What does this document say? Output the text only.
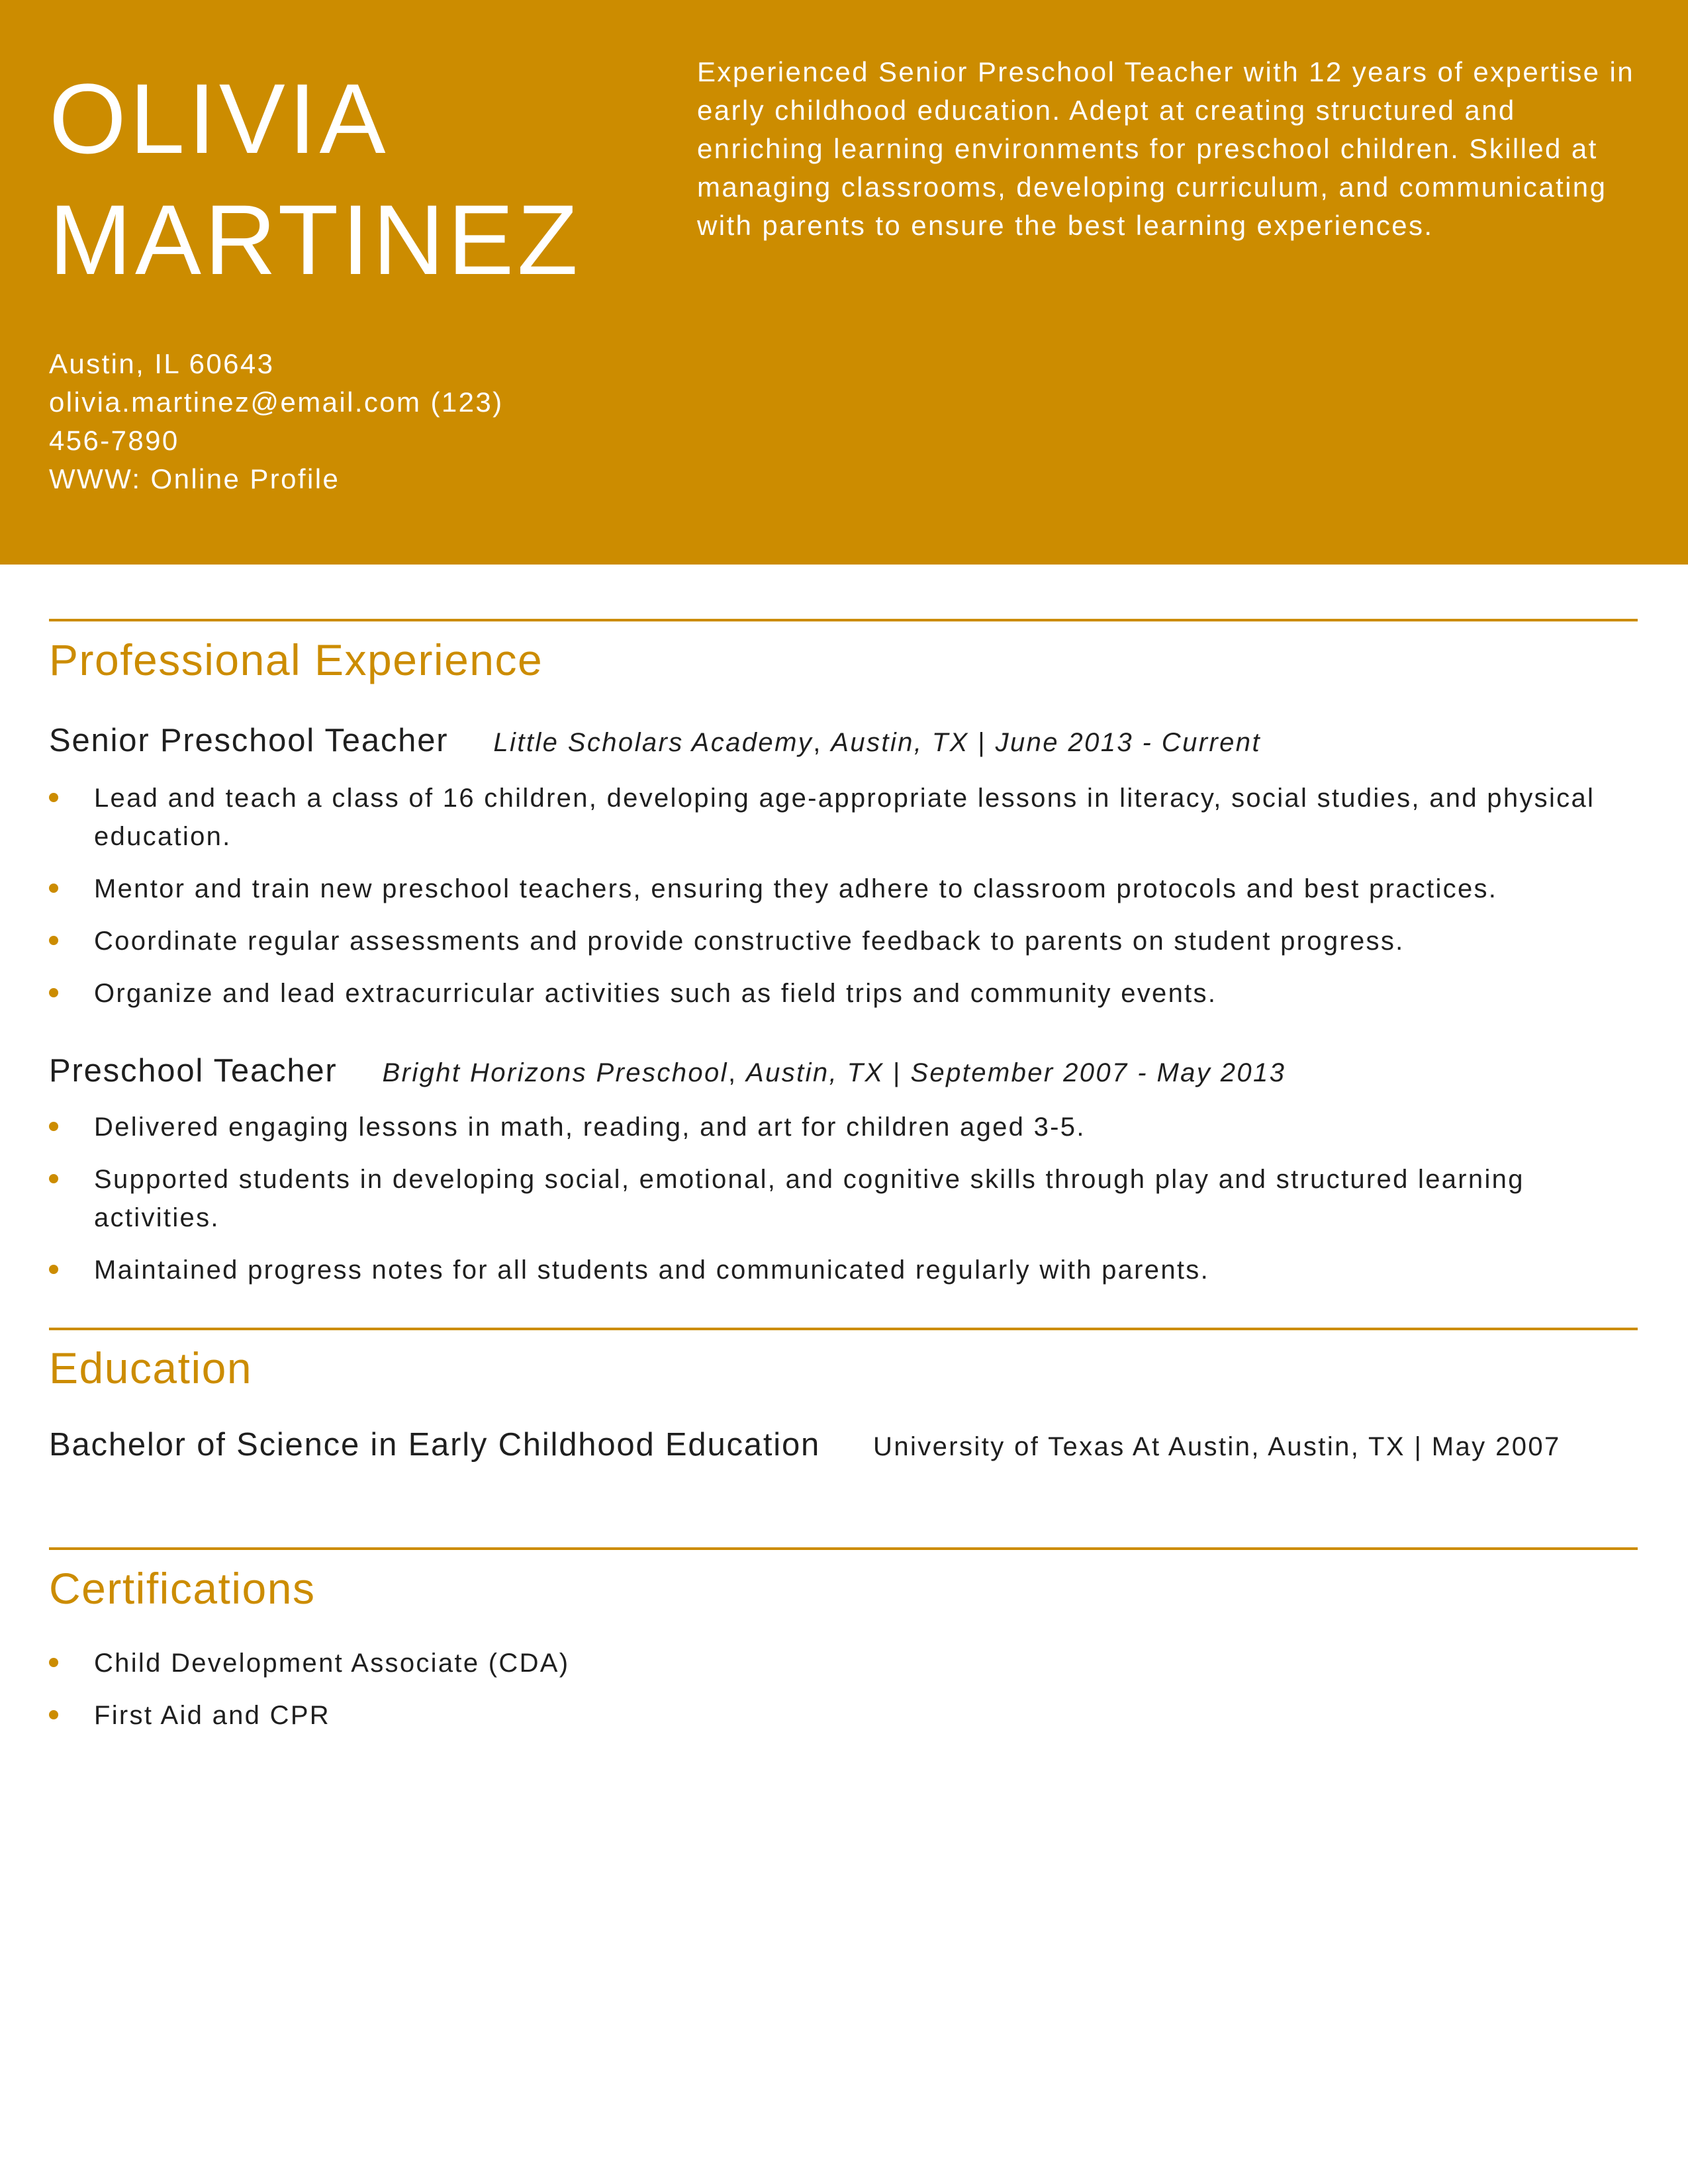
OLIVIA
MARTINEZ

Experienced Senior Preschool Teacher with 12 years of expertise in early childhood education. Adept at creating structured and enriching learning environments for preschool children. Skilled at managing classrooms, developing curriculum, and communicating with parents to ensure the best learning experiences.

Austin, IL 60643
olivia.martinez@email.com (123) 456-7890
WWW: Online Profile
Professional Experience
Senior Preschool Teacher Little Scholars Academy, Austin, TX | June 2013 - Current
Lead and teach a class of 16 children, developing age-appropriate lessons in literacy, social studies, and physical education.
Mentor and train new preschool teachers, ensuring they adhere to classroom protocols and best practices.
Coordinate regular assessments and provide constructive feedback to parents on student progress.
Organize and lead extracurricular activities such as field trips and community events.
Preschool Teacher Bright Horizons Preschool, Austin, TX | September 2007 - May 2013
Delivered engaging lessons in math, reading, and art for children aged 3-5.
Supported students in developing social, emotional, and cognitive skills through play and structured learning activities.
Maintained progress notes for all students and communicated regularly with parents.
Education
Bachelor of Science in Early Childhood Education University of Texas At Austin, Austin, TX | May 2007
Certifications
Child Development Associate (CDA)
First Aid and CPR
